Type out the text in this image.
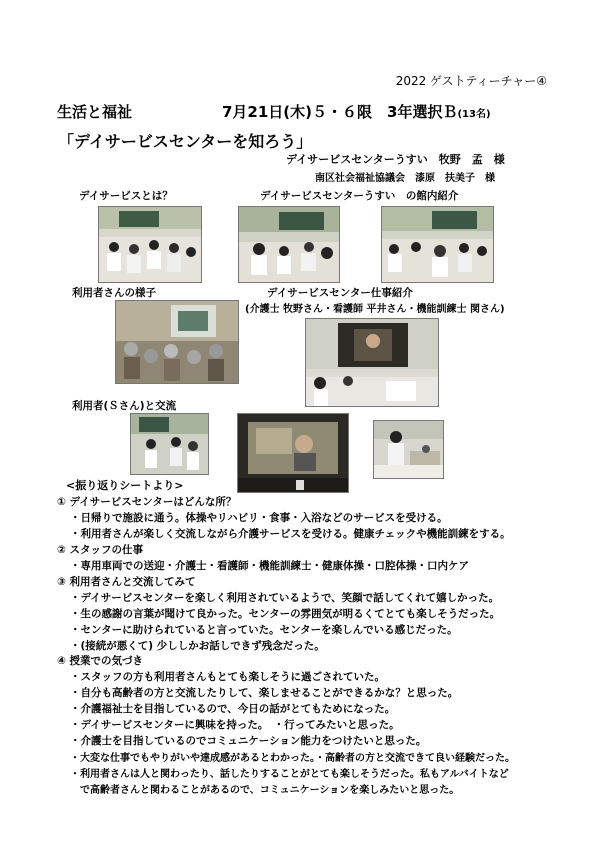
2022 ゲストティーチャー④
生活と福祉	7月21日(木)５・６限　3年選択Ｂ(13名)
「デイサービスセンターを知ろう」
デイサービスセンターうすい　牧野　孟　様
南区社会福祉協議会　漆原　扶美子　様
デイサービスとは？	デイサービスセンターうすい　の館内紹介
利用者さんの様子	デイサービスセンター仕事紹介
(介護士 牧野さん・看護師 平井さん・機能訓練士 関さん)
利用者(Ｓさん)と交流
<振り返りシートより>
① デイサービスセンターはどんな所？
・日帰りで施設に通う。体操やリハビリ・食事・入浴などのサービスを受ける。
・利用者さんが楽しく交流しながら介護サービスを受ける。健康チェックや機能訓練をする。
② スタッフの仕事
・専用車両での送迎・介護士・看護師・機能訓練士・健康体操・口腔体操・口内ケア
③ 利用者さんと交流してみて
・デイサービスセンターを楽しく利用されているようで、笑顔で話してくれて嬉しかった。
・生の感謝の言葉が聞けて良かった。センターの雰囲気が明るくてとても楽しそうだった。
・センターに助けられていると言っていた。センターを楽しんでいる感じだった。
・(接続が悪くて) 少ししかお話しできず残念だった。
④ 授業での気づき
・スタッフの方も利用者さんもとても楽しそうに過ごされていた。
・自分も高齢者の方と交流したりして、楽しませることができるかな？と思った。
・介護福祉士を目指しているので、今日の話がとてもためになった。
・デイサービスセンターに興味を持った。　・行ってみたいと思った。
・介護士を目指しているのでコミュニケーション能力をつけたいと思った。
・大変な仕事でもやりがいや達成感があるとわかった。・高齢者の方と交流できて良い経験だった。
・利用者さんは人と関わったり、話したりすることがとても楽しそうだった。私もアルバイトなど
　で高齢者さんと関わることがあるので、コミュニケーションを楽しみたいと思った。
